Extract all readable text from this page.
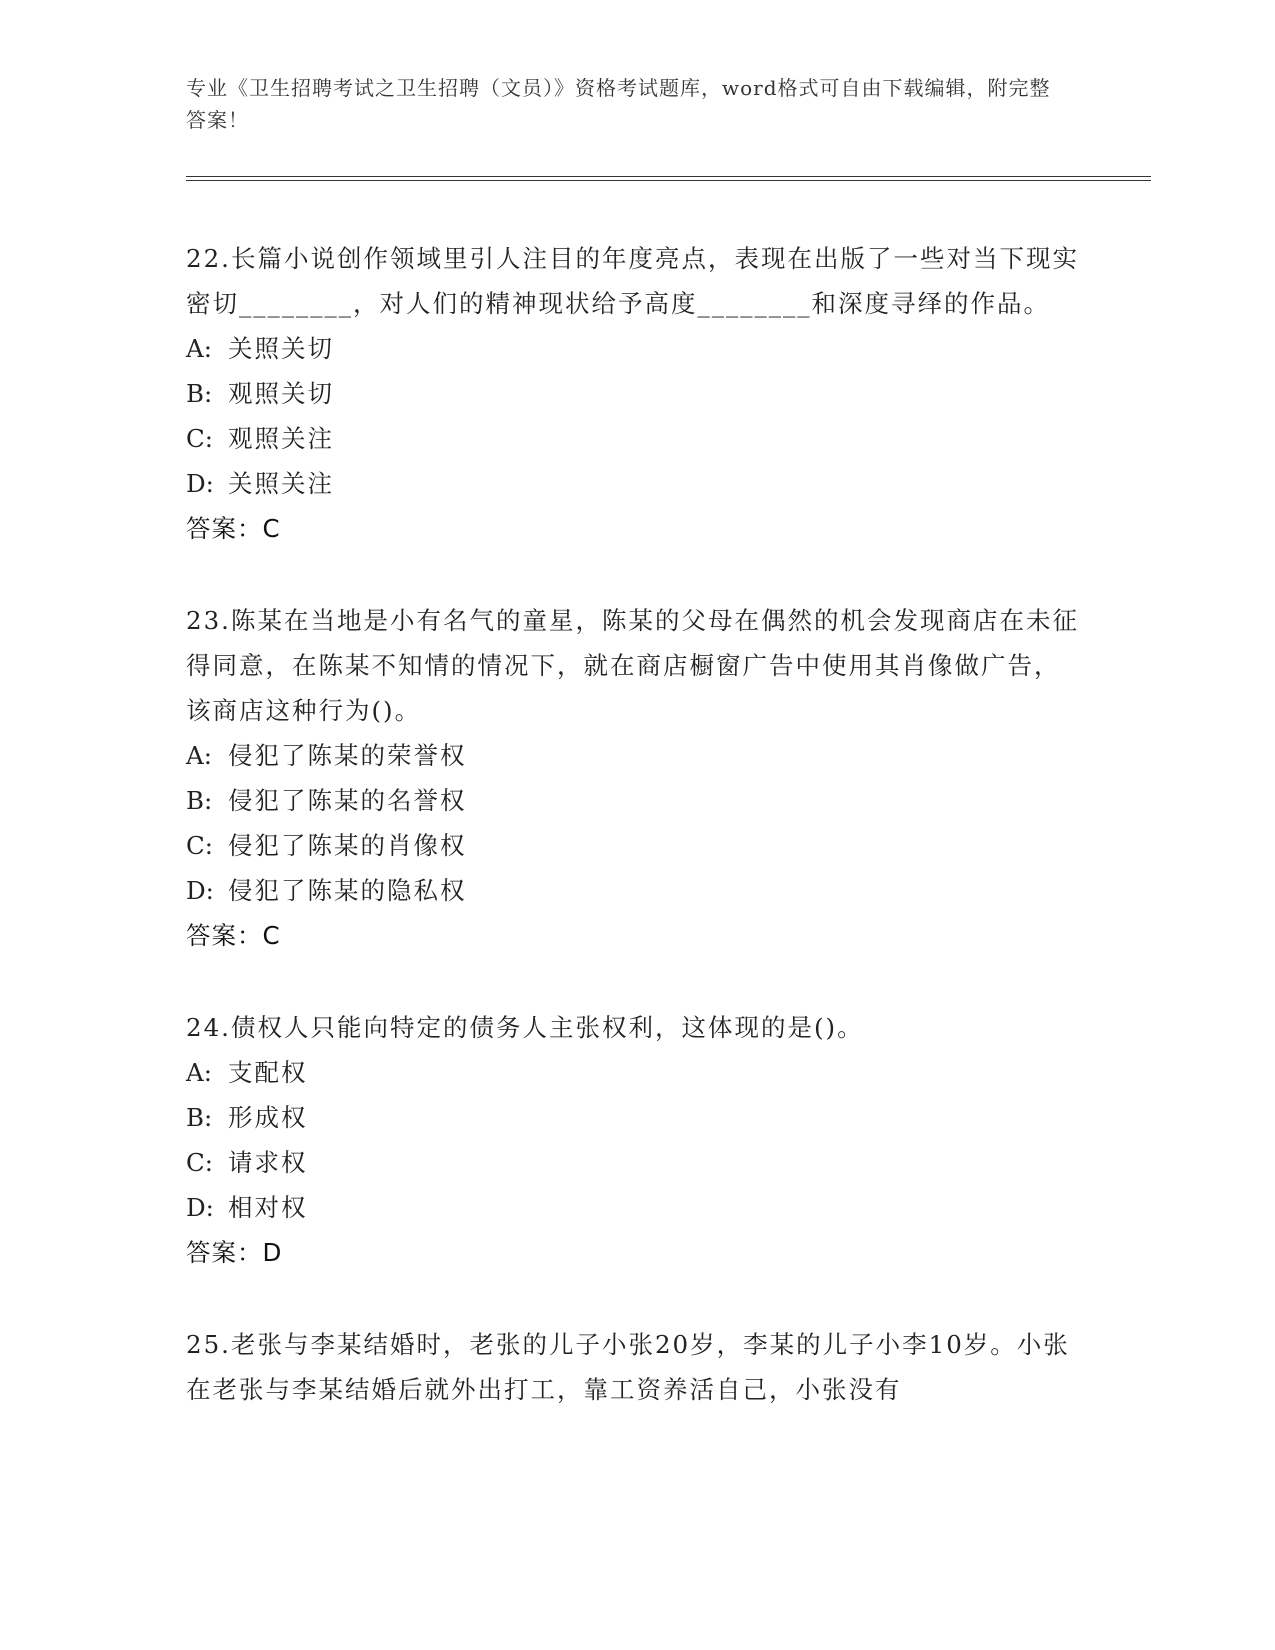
专业《卫生招聘考试之卫生招聘（文员）》资格考试题库，word格式可自由下载编辑，附完整答案！

22.长篇小说创作领域里引人注目的年度亮点，表现在出版了一些对当下现实密切________，对人们的精神现状给予高度________和深度寻绎的作品。

A: 关照关切
B: 观照关切
C: 观照关注
D: 关照关注
答案：C

23.陈某在当地是小有名气的童星，陈某的父母在偶然的机会发现商店在未征得同意，在陈某不知情的情况下，就在商店橱窗广告中使用其肖像做广告，该商店这种行为()。

A: 侵犯了陈某的荣誉权
B: 侵犯了陈某的名誉权
C: 侵犯了陈某的肖像权
D: 侵犯了陈某的隐私权
答案：C

24.债权人只能向特定的债务人主张权利，这体现的是()。

A: 支配权
B: 形成权
C: 请求权
D: 相对权
答案：D

25.老张与李某结婚时，老张的儿子小张20岁，李某的儿子小李10岁。小张在老张与李某结婚后就外出打工，靠工资养活自己，小张没有
